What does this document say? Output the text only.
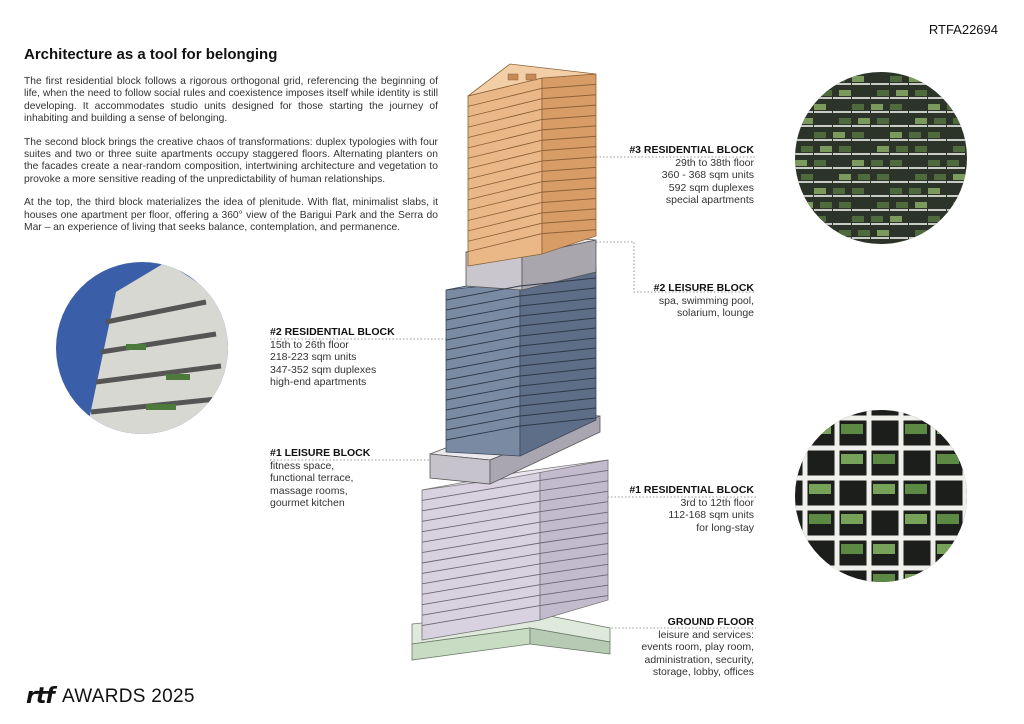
RTFA22694
Architecture as a tool for belonging

The first residential block follows a rigorous orthogonal grid, referencing the beginning of life, when the need to follow social rules and coexistence imposes itself while identity is still developing. It accommodates studio units designed for those starting the journey of inhabiting and building a sense of belonging.

The second block brings the creative chaos of transformations: duplex typologies with four suites and two or three suite apartments occupy staggered floors. Alternating planters on the facades create a near-random composition, intertwining architecture and vegetation to provoke a more sensitive reading of the unpredictability of human relationships.

At the top, the third block materializes the idea of plenitude. With flat, minimalist slabs, it houses one apartment per floor, offering a 360° view of the Barigui Park and the Serra do Mar – an experience of living that seeks balance, contemplation, and permanence.

#3 RESIDENTIAL BLOCK
29th to 38th floor
360 - 368 sqm units
592 sqm duplexes
special apartments
#2 LEISURE BLOCK
spa, swimming pool,
solarium, lounge
#2 RESIDENTIAL BLOCK
15th to 26th floor
218-223 sqm units
347-352 sqm duplexes
high-end apartments
#1 LEISURE BLOCK
fitness space,
functional terrace,
massage rooms,
gourmet kitchen
#1 RESIDENTIAL BLOCK
3rd to 12th floor
112-168 sqm units
for long-stay
GROUND FLOOR
leisure and services:
events room, play room,
administration, security,
storage, lobby, offices
rtf AWARDS 2025
